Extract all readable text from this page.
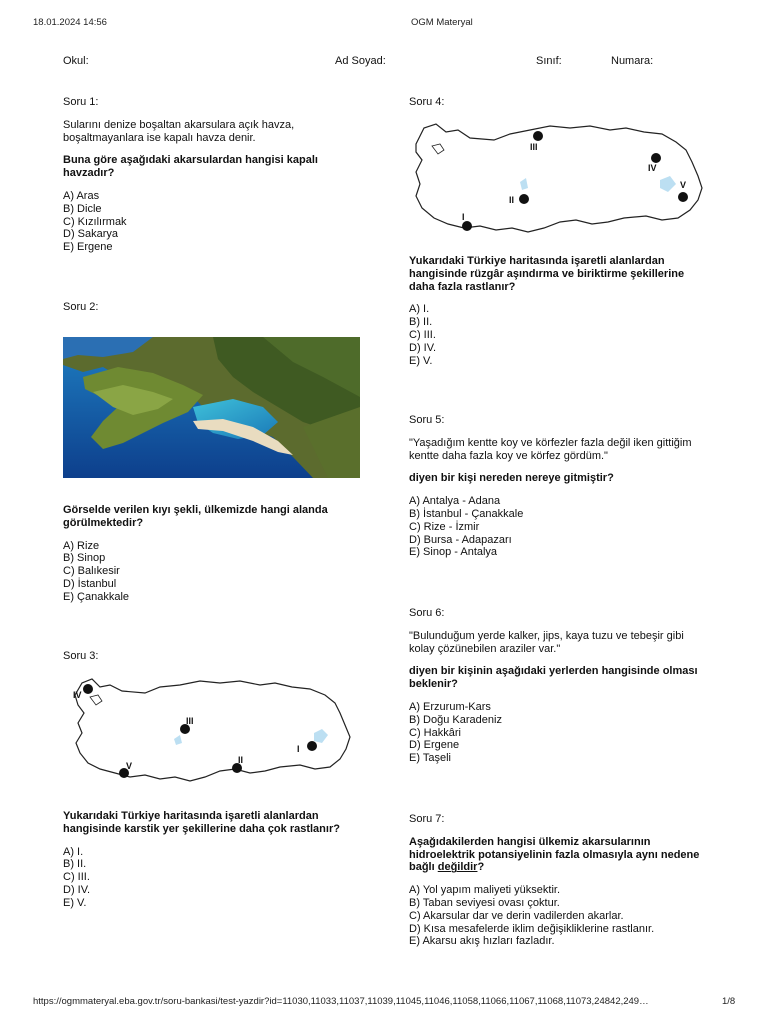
18.01.2024 14:56	OGM Materyal
Okul:	Ad Soyad:	Sınıf:	Numara:

Soru 1:

Sularını denize boşaltan akarsulara açık havza, boşaltmayanlara ise kapalı havza denir.

Buna göre aşağıdaki akarsulardan hangisi kapalı havzadır?

A) Aras

B) Dicle

C) Kızılırmak

D) Sakarya

E) Ergene

Soru 2:

Görselde verilen kıyı şekli, ülkemizde hangi alanda görülmektedir?

A) Rize

B) Sinop

C) Balıkesir

D) İstanbul

E) Çanakkale

Soru 3:

IV
III
I
II
V

Yukarıdaki Türkiye haritasında işaretli alanlardan hangisinde karstik yer şekillerine daha çok rastlanır?

A) I.

B) II.

C) III.

D) IV.

E) V.

Soru 4:

III
IV
V
II
I

Yukarıdaki Türkiye haritasında işaretli alanlardan hangisinde rüzgâr aşındırma ve biriktirme şekillerine daha fazla rastlanır?

A) I.

B) II.

C) III.

D) IV.

E) V.

Soru 5:

"Yaşadığım kentte koy ve körfezler fazla değil iken gittiğim kentte daha fazla koy ve körfez gördüm."

diyen bir kişi nereden nereye gitmiştir?

A) Antalya - Adana

B) İstanbul - Çanakkale

C) Rize - İzmir

D) Bursa - Adapazarı

E) Sinop - Antalya

Soru 6:

"Bulunduğum yerde kalker, jips, kaya tuzu ve tebeşir gibi kolay çözünebilen araziler var."

diyen bir kişinin aşağıdaki yerlerden hangisinde olması beklenir?

A) Erzurum-Kars

B) Doğu Karadeniz

C) Hakkâri

D) Ergene

E) Taşeli

Soru 7:

Aşağıdakilerden hangisi ülkemiz akarsularının hidroelektrik potansiyelinin fazla olmasıyla aynı nedene bağlı değildir?

A) Yol yapım maliyeti yüksektir.

B) Taban seviyesi ovası çoktur.

C) Akarsular dar ve derin vadilerden akarlar.

D) Kısa mesafelerde iklim değişikliklerine rastlanır.

E) Akarsu akış hızları fazladır.

https://ogmmateryal.eba.gov.tr/soru-bankasi/test-yazdir?id=11030,11033,11037,11039,11045,11046,11058,11066,11067,11068,11073,24842,249…	1/8
